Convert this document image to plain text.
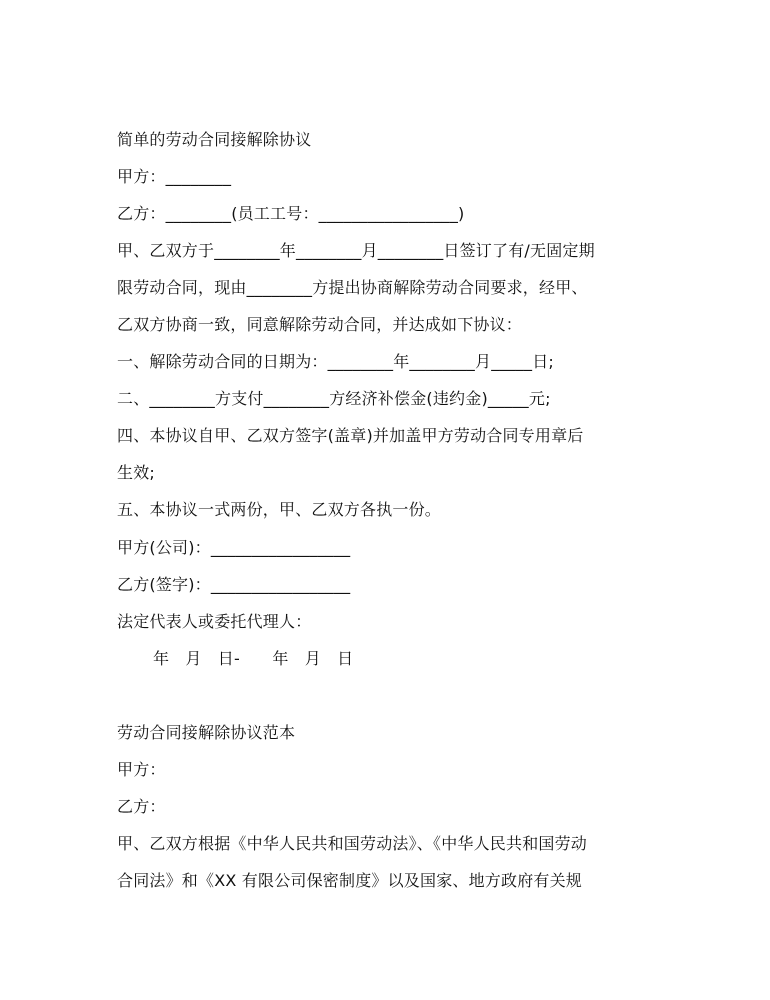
简单的劳动合同接解除协议
甲方：________
乙方：________(员工工号：_________________)
甲、乙双方于________年________月________日签订了有/无固定期
限劳动合同，现由________方提出协商解除劳动合同要求，经甲、
乙双方协商一致，同意解除劳动合同，并达成如下协议：
一、解除劳动合同的日期为：________年________月_____日;
二、________方支付________方经济补偿金(违约金)_____元;
四、本协议自甲、乙双方签字(盖章)并加盖甲方劳动合同专用章后
生效;
五、本协议一式两份，甲、乙双方各执一份。
甲方(公司)：_________________
乙方(签字)：_________________
法定代表人或委托代理人：
年　月　日-　　年　月　日
劳动合同接解除协议范本
甲方：
乙方：
甲、乙双方根据《中华人民共和国劳动法》、《中华人民共和国劳动
合同法》和《XX 有限公司保密制度》以及国家、地方政府有关规
